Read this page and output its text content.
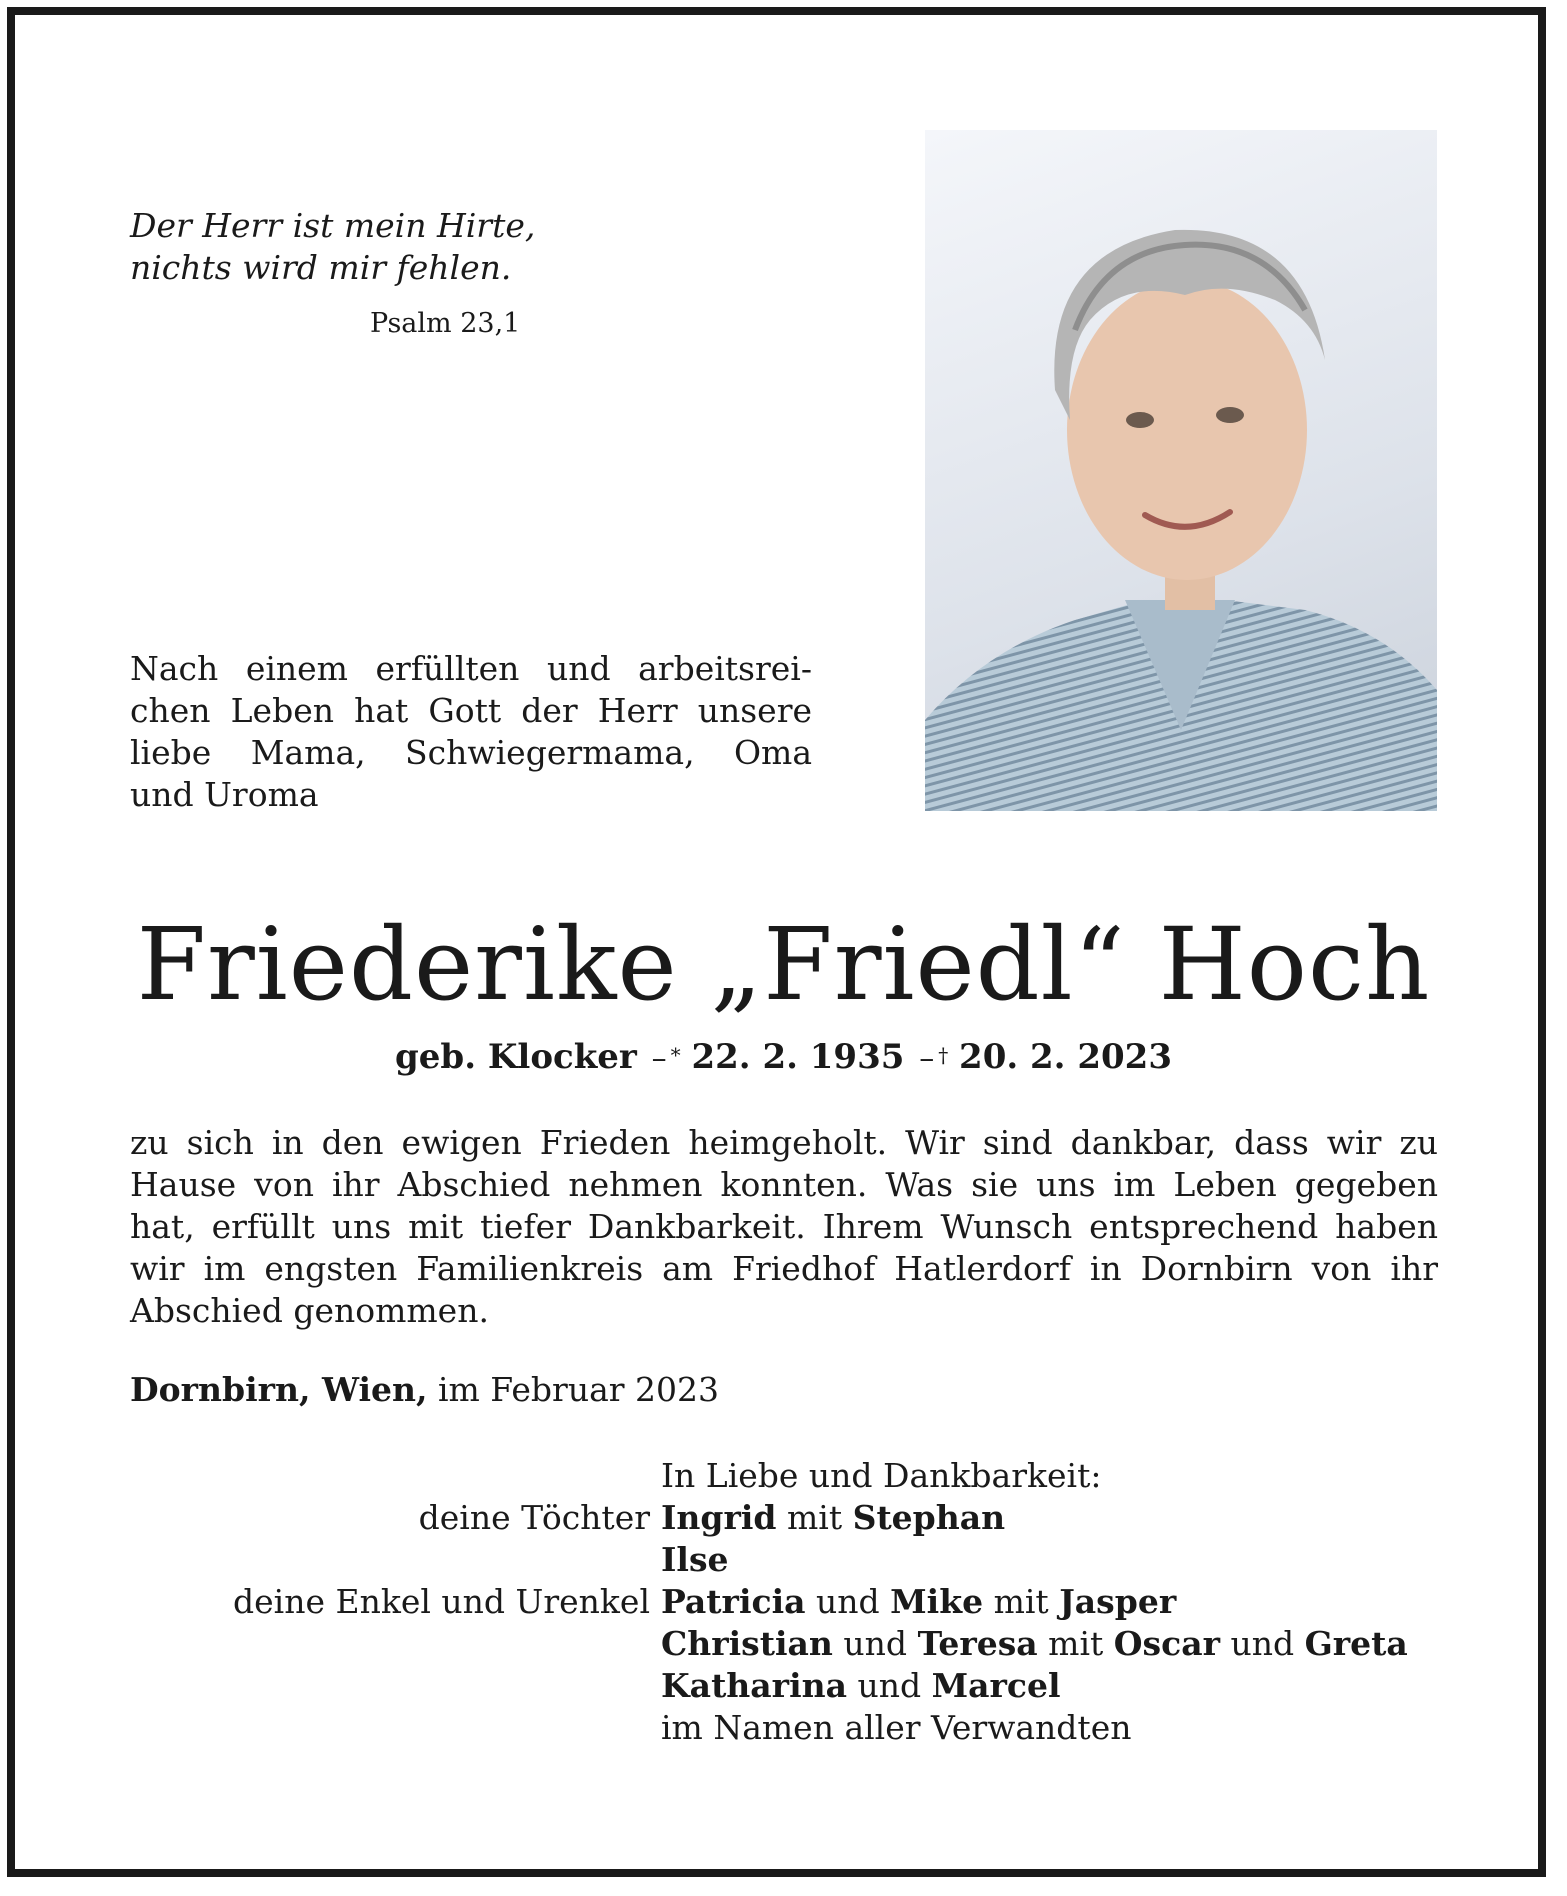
Der Herr ist mein Hirte,
nichts wird mir fehlen.
Psalm 23,1
Nach einem erfüllten und arbeitsrei-
chen Leben hat Gott der Herr unsere
liebe Mama, Schwiegermama, Oma
und Uroma
Friederike „Friedl“ Hoch
geb. Klocker – * 22. 2. 1935 – † 20. 2. 2023
zu sich in den ewigen Frieden heimgeholt. Wir sind dankbar, dass wir zu
Hause von ihr Abschied nehmen konnten. Was sie uns im Leben gegeben
hat, erfüllt uns mit tiefer Dankbarkeit. Ihrem Wunsch entsprechend haben
wir im engsten Familienkreis am Friedhof Hatlerdorf in Dornbirn von ihr
Abschied genommen.
Dornbirn, Wien, im Februar 2023
In Liebe und Dankbarkeit:
deine Töchter Ingrid mit Stephan
Ilse
deine Enkel und Urenkel Patricia und Mike mit Jasper
Christian und Teresa mit Oscar und Greta
Katharina und Marcel
im Namen aller Verwandten
